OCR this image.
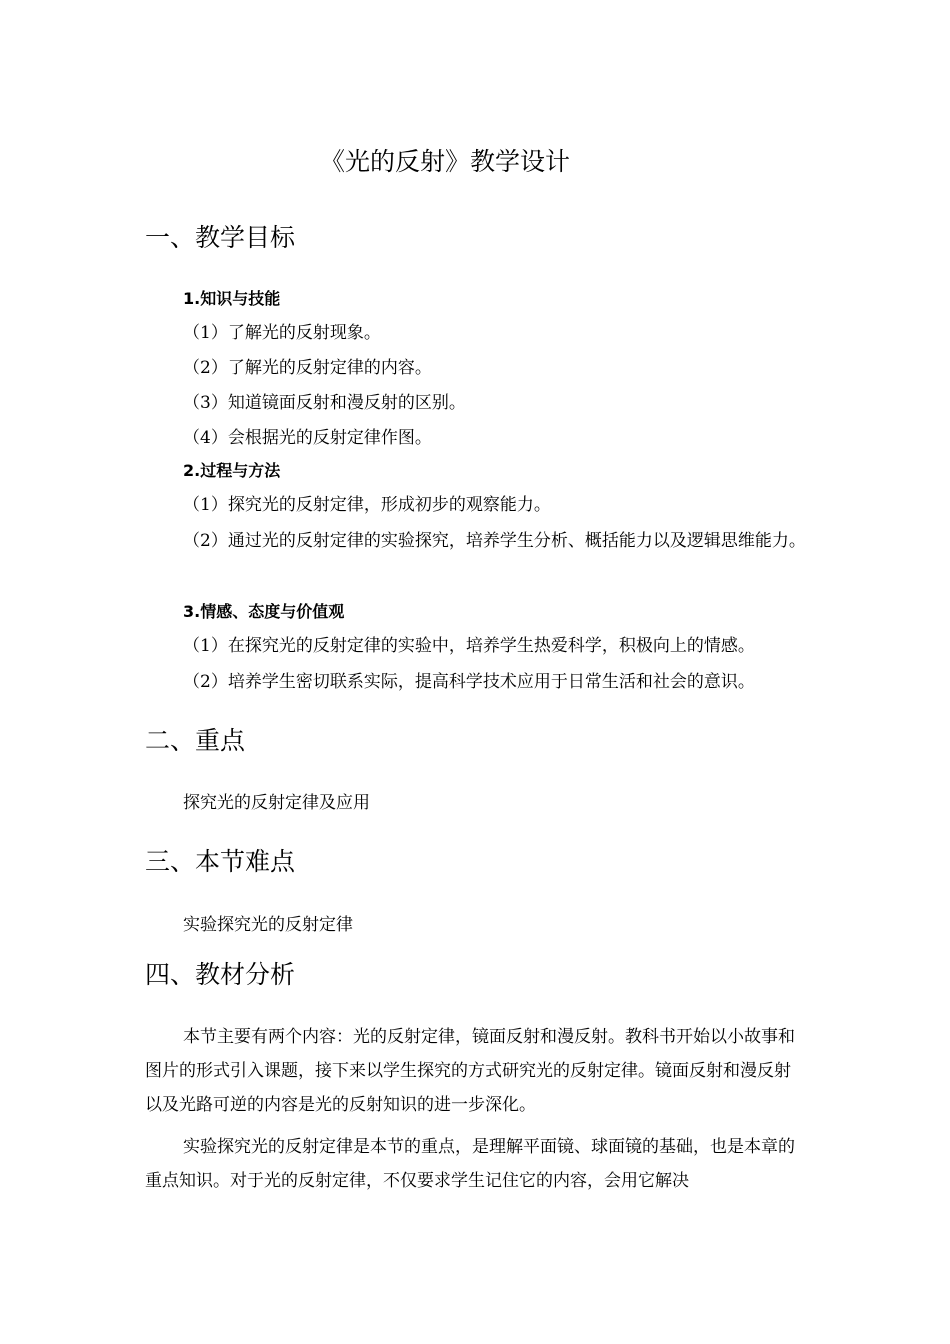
《光的反射》教学设计
一、教学目标
1.知识与技能
（1）了解光的反射现象。
（2）了解光的反射定律的内容。
（3）知道镜面反射和漫反射的区别。
（4）会根据光的反射定律作图。
2.过程与方法
（1）探究光的反射定律，形成初步的观察能力。
（2）通过光的反射定律的实验探究，培养学生分析、概括能力以及逻辑思维能力。
3.情感、态度与价值观
（1）在探究光的反射定律的实验中，培养学生热爱科学，积极向上的情感。
（2）培养学生密切联系实际，提高科学技术应用于日常生活和社会的意识。
二、重点
探究光的反射定律及应用
三、本节难点
实验探究光的反射定律
四、教材分析
本节主要有两个内容：光的反射定律，镜面反射和漫反射。教科书开始以小故事和图片的形式引入课题，接下来以学生探究的方式研究光的反射定律。镜面反射和漫反射以及光路可逆的内容是光的反射知识的进一步深化。
实验探究光的反射定律是本节的重点，是理解平面镜、球面镜的基础，也是本章的重点知识。对于光的反射定律，不仅要求学生记住它的内容，会用它解决
